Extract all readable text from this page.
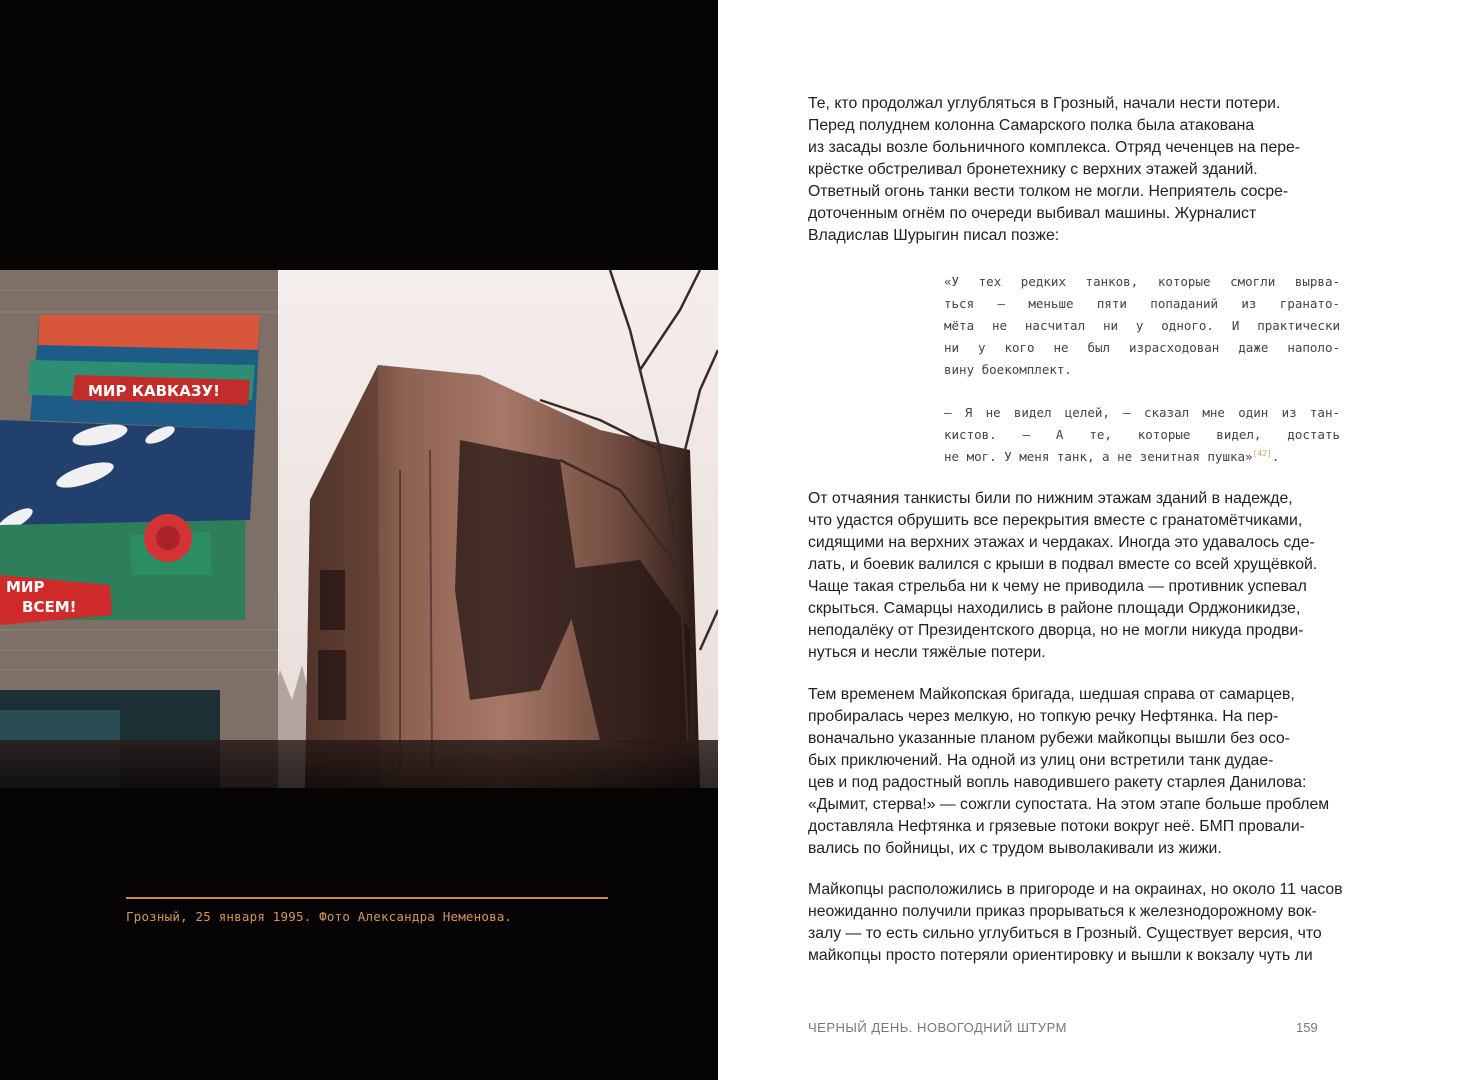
МИР КАВКАЗУ!
МИР
ВСЕМ!
Грозный, 25 января 1995. Фото Александра Неменова.
Те, кто продолжал углубляться в Грозный, начали нести потери.
Перед полуднем колонна Самарского полка была атакована
из засады возле больничного комплекса. Отряд чеченцев на пере-
крёстке обстреливал бронетехнику с верхних этажей зданий.
Ответный огонь танки вести толком не могли. Неприятель сосре-
доточенным огнём по очереди выбивал машины. Журналист
Владислав Шурыгин писал позже:
«У тех редких танков, которые смогли вырва-
ться — меньше пяти попаданий из гранато-
мёта не насчитал ни у одного. И практически
ни у кого не был израсходован даже наполо-
вину боекомплект.
— Я не видел целей, — сказал мне один из тан-
кистов. — А те, которые видел, достать
не мог. У меня танк, а не зенитная пушка»[42].
От отчаяния танкисты били по нижним этажам зданий в надежде,
что удастся обрушить все перекрытия вместе с гранатомётчиками,
сидящими на верхних этажах и чердаках. Иногда это удавалось сде-
лать, и боевик валился с крыши в подвал вместе со всей хрущёвкой.
Чаще такая стрельба ни к чему не приводила — противник успевал
скрыться. Самарцы находились в районе площади Орджоникидзе,
неподалёку от Президентского дворца, но не могли никуда продви-
нуться и несли тяжёлые потери.
Тем временем Майкопская бригада, шедшая справа от самарцев,
пробиралась через мелкую, но топкую речку Нефтянка. На пер-
воначально указанные планом рубежи майкопцы вышли без осо-
бых приключений. На одной из улиц они встретили танк дудае-
цев и под радостный вопль наводившего ракету старлея Данилова:
«Дымит, стерва!» — сожгли супостата. На этом этапе больше проблем
доставляла Нефтянка и грязевые потоки вокруг неё. БМП провали-
вались по бойницы, их с трудом выволакивали из жижи.
Майкопцы расположились в пригороде и на окраинах, но около 11 часов
неожиданно получили приказ прорываться к железнодорожному вок-
залу — то есть сильно углубиться в Грозный. Существует версия, что
майкопцы просто потеряли ориентировку и вышли к вокзалу чуть ли
ЧЕРНЫЙ ДЕНЬ. НОВОГОДНИЙ ШТУРМ	159
